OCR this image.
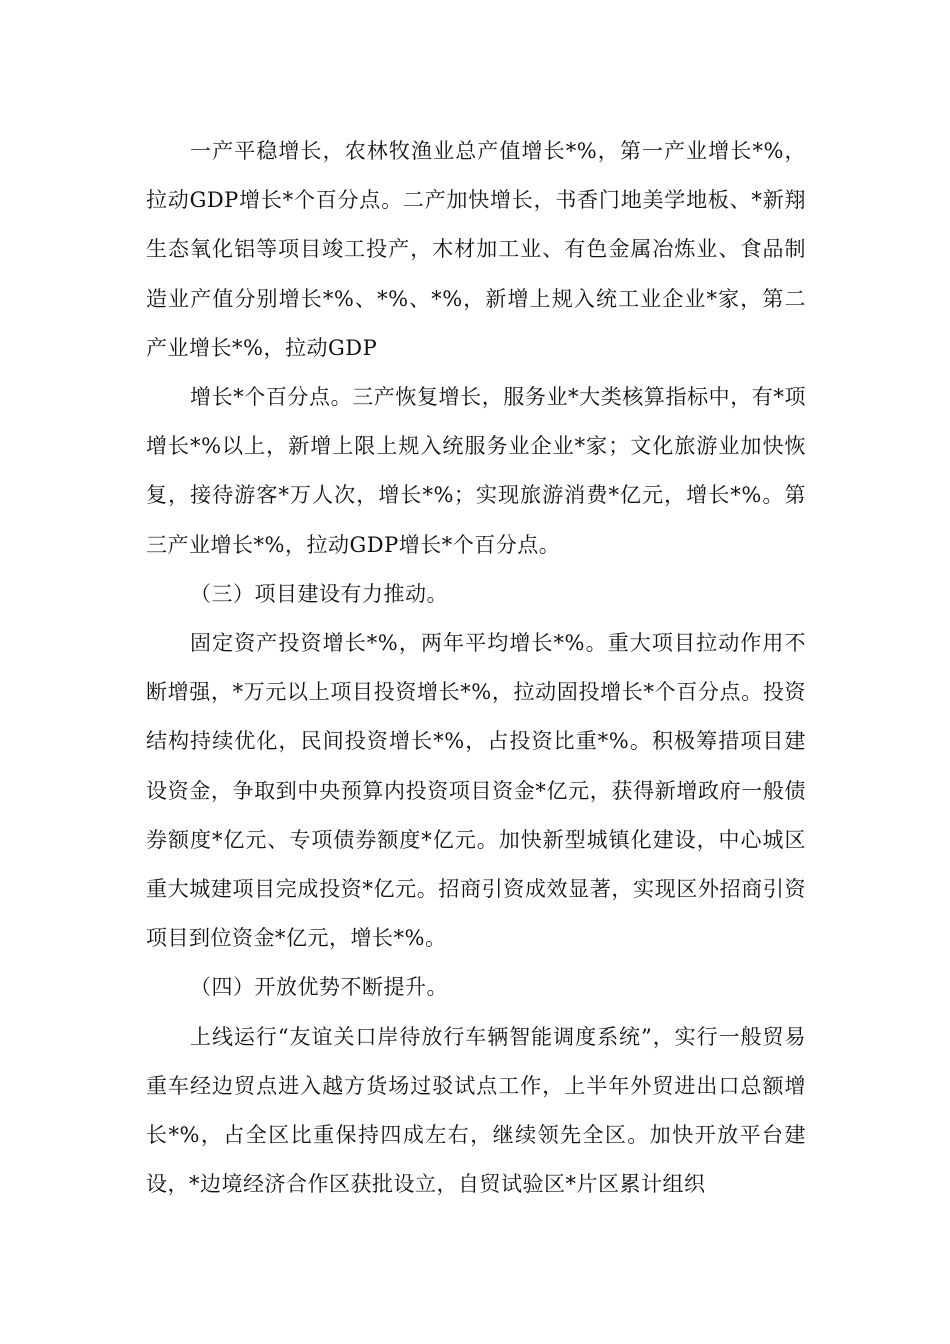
一产平稳增长，农林牧渔业总产值增长*%，第一产业增长*%，拉动GDP增长*个百分点。二产加快增长，书香门地美学地板、*新翔生态氧化铝等项目竣工投产，木材加工业、有色金属冶炼业、食品制造业产值分别增长*%、*%、*%，新增上规入统工业企业*家，第二产业增长*%，拉动GDP

增长*个百分点。三产恢复增长，服务业*大类核算指标中，有*项增长*%以上，新增上限上规入统服务业企业*家；文化旅游业加快恢复，接待游客*万人次，增长*%；实现旅游消费*亿元，增长*%。第三产业增长*%，拉动GDP增长*个百分点。

（三）项目建设有力推动。

固定资产投资增长*%，两年平均增长*%。重大项目拉动作用不断增强，*万元以上项目投资增长*%，拉动固投增长*个百分点。投资结构持续优化，民间投资增长*%，占投资比重*%。积极筹措项目建设资金，争取到中央预算内投资项目资金*亿元，获得新增政府一般债券额度*亿元、专项债券额度*亿元。加快新型城镇化建设，中心城区重大城建项目完成投资*亿元。招商引资成效显著，实现区外招商引资项目到位资金*亿元，增长*%。

（四）开放优势不断提升。

上线运行“友谊关口岸待放行车辆智能调度系统”，实行一般贸易重车经边贸点进入越方货场过驳试点工作，上半年外贸进出口总额增长*%，占全区比重保持四成左右，继续领先全区。加快开放平台建设，*边境经济合作区获批设立，自贸试验区*片区累计组织
